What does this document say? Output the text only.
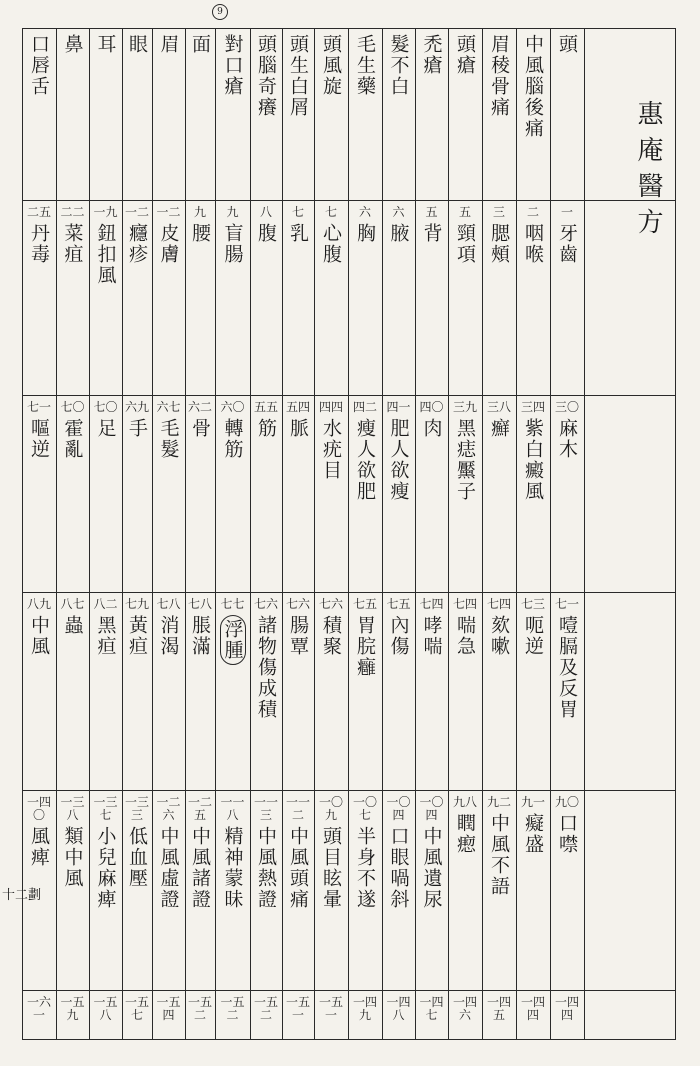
9
十二劃
惠庵醫方
頭
中風腦後痛
眉稜骨痛
頭瘡
禿瘡
髮不白
毛生藥
頭風旋
頭生白屑
頭腦奇癢
對口瘡
面
眉
眼
耳
鼻
口唇舌
一
牙齒
二
咽喉
三
腮頰
五
頸項
五
背
六
腋
六
胸
七
心腹
七
乳
八
腹
九
盲腸
九
腰
一二
皮膚
一二
癮疹
一九
鈕扣風
二二
菜疽
二五
丹毒
三〇
麻木
三四
紫白癜風
三八
癬
三九
黑痣黶子
四〇
肉
四一
肥人欲瘦
四二
瘦人欲肥
四四
水疣目
五四
脈
五五
筋
六〇
轉筋
六二
骨
六七
毛髮
六九
手
七〇
足
七〇
霍亂
七一
嘔逆
七一
噎膈及反胃
七三
呃逆
七四
欬嗽
七四
喘急
七四
哮喘
七五
內傷
七五
胃脘癰
七六
積聚
七六
腸覃
七六
諸物傷成積
七七
浮腫
七八
脹滿
七八
消渴
七九
黃疸
八二
黑疸
八七
蟲
八九
中風
九〇
口噤
九一
癡盛
九二
中風不語
九八
瞤瘛
一〇四
中風遺尿
一〇四
口眼喎斜
一〇七
半身不遂
一〇九
頭目眩暈
一一二
中風頭痛
一一三
中風熱證
一一八
精神蒙昧
一二五
中風諸證
一二六
中風虛證
一三三
低血壓
一三七
小兒麻痺
一三八
類中風
一四〇
風痺
一四四
一四四
一四五
一四六
一四七
一四八
一四九
一五一
一五一
一五二
一五二
一五二
一五四
一五七
一五八
一五九
一六一
